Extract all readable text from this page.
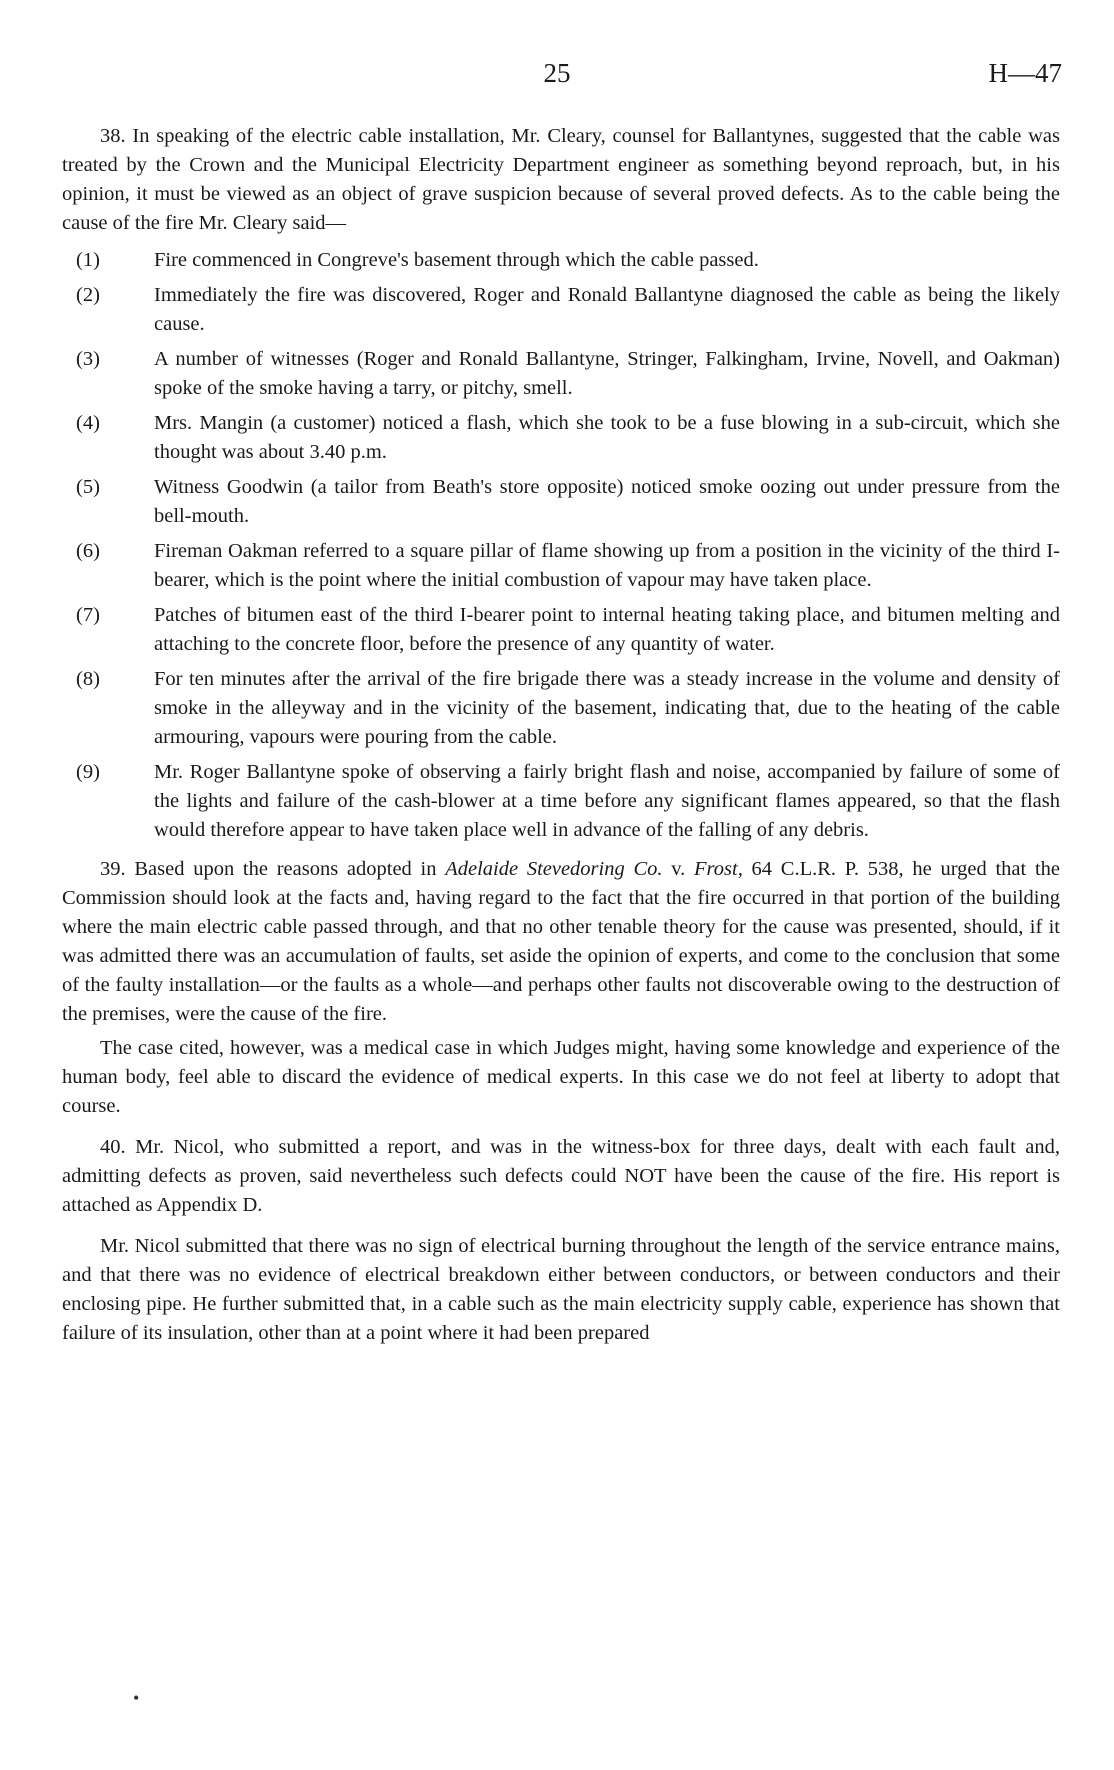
25	H—47

38. In speaking of the electric cable installation, Mr. Cleary, counsel for Ballantynes, suggested that the cable was treated by the Crown and the Municipal Electricity Department engineer as something beyond reproach, but, in his opinion, it must be viewed as an object of grave suspicion because of several proved defects. As to the cable being the cause of the fire Mr. Cleary said—

(1)	Fire commenced in Congreve's basement through which the cable passed.
(2)	Immediately the fire was discovered, Roger and Ronald Ballantyne diagnosed the cable as being the likely cause.
(3)	A number of witnesses (Roger and Ronald Ballantyne, Stringer, Falkingham, Irvine, Novell, and Oakman) spoke of the smoke having a tarry, or pitchy, smell.
(4)	Mrs. Mangin (a customer) noticed a flash, which she took to be a fuse blowing in a sub-circuit, which she thought was about 3.40 p.m.
(5)	Witness Goodwin (a tailor from Beath's store opposite) noticed smoke oozing out under pressure from the bell-mouth.
(6)	Fireman Oakman referred to a square pillar of flame showing up from a position in the vicinity of the third I-bearer, which is the point where the initial combustion of vapour may have taken place.
(7)	Patches of bitumen east of the third I-bearer point to internal heating taking place, and bitumen melting and attaching to the concrete floor, before the presence of any quantity of water.
(8)	For ten minutes after the arrival of the fire brigade there was a steady increase in the volume and density of smoke in the alleyway and in the vicinity of the basement, indicating that, due to the heating of the cable armouring, vapours were pouring from the cable.
(9)	Mr. Roger Ballantyne spoke of observing a fairly bright flash and noise, accompanied by failure of some of the lights and failure of the cash-blower at a time before any significant flames appeared, so that the flash would therefore appear to have taken place well in advance of the falling of any debris.

39. Based upon the reasons adopted in Adelaide Stevedoring Co. v. Frost, 64 C.L.R. P. 538, he urged that the Commission should look at the facts and, having regard to the fact that the fire occurred in that portion of the building where the main electric cable passed through, and that no other tenable theory for the cause was presented, should, if it was admitted there was an accumulation of faults, set aside the opinion of experts, and come to the conclusion that some of the faulty installation—or the faults as a whole—and perhaps other faults not discoverable owing to the destruction of the premises, were the cause of the fire.

The case cited, however, was a medical case in which Judges might, having some knowledge and experience of the human body, feel able to discard the evidence of medical experts. In this case we do not feel at liberty to adopt that course.

40. Mr. Nicol, who submitted a report, and was in the witness-box for three days, dealt with each fault and, admitting defects as proven, said nevertheless such defects could NOT have been the cause of the fire. His report is attached as Appendix D.

Mr. Nicol submitted that there was no sign of electrical burning throughout the length of the service entrance mains, and that there was no evidence of electrical breakdown either between conductors, or between conductors and their enclosing pipe. He further submitted that, in a cable such as the main electricity supply cable, experience has shown that failure of its insulation, other than at a point where it had been prepared

•
